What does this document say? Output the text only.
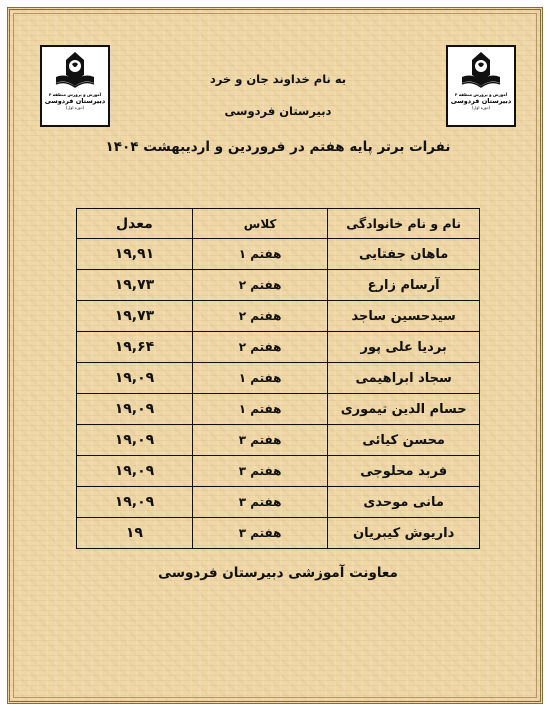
آموزش و پرورش منطقه ۴
دبیرستان فردوسی
(دوره اول)
آموزش و پرورش منطقه ۴
دبیرستان فردوسی
(دوره اول)
به نام خداوند جان و خرد
دبیرستان فردوسی
نفرات برتر پایه هفتم در فروردین و اردیبهشت ۱۴۰۴
نام و نام خانوادگی	کلاس	معدل
ماهان جفتایی	هفتم ۱	۱۹,۹۱
آرسام زارع	هفتم ۲	۱۹,۷۳
سیدحسین ساجد	هفتم ۲	۱۹,۷۳
بردیا علی پور	هفتم ۲	۱۹,۶۴
سجاد ابراهیمی	هفتم ۱	۱۹,۰۹
حسام الدین تیموری	هفتم ۱	۱۹,۰۹
محسن کیائی	هفتم ۳	۱۹,۰۹
فربد محلوجی	هفتم ۳	۱۹,۰۹
مانی موحدی	هفتم ۳	۱۹,۰۹
داریوش کیبریان	هفتم ۳	۱۹
معاونت آموزشی دبیرستان فردوسی
